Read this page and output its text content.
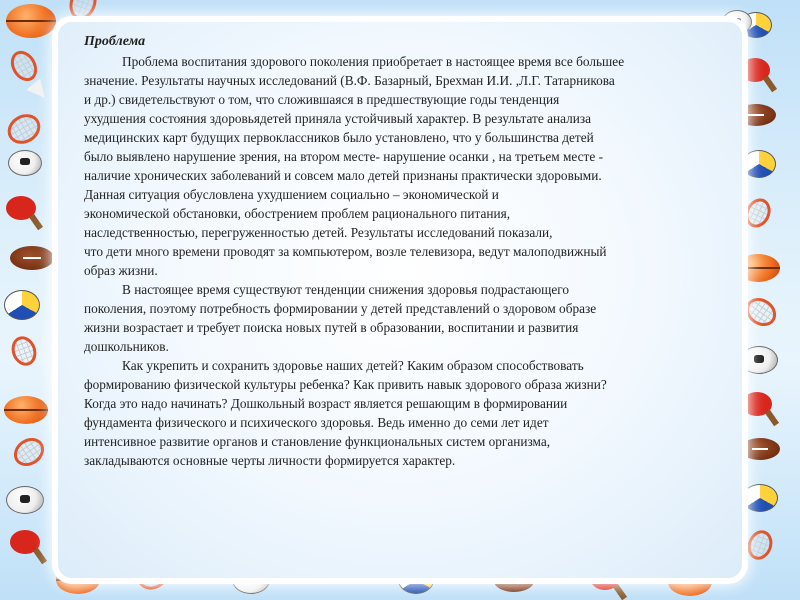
Проблема

Проблема воспитания здорового поколения приобретает в настоящее время все большее
значение. Результаты научных исследований (В.Ф. Базарный, Брехман И.И. ,Л.Г. Татарникова
и др.) свидетельствуют о том, что сложившаяся в предшествующие годы тенденция
ухудшения состояния здоровьядетей приняла устойчивый характер. В результате анализа
медицинских карт будущих первоклассников было установлено, что у большинства детей
было выявлено нарушение зрения, на втором месте- нарушение осанки , на третьем месте -
наличие хронических заболеваний и совсем мало детей признаны практически здоровыми.

Данная ситуация обусловлена ухудшением социально – экономической и
экономической обстановки, обострением проблем рационального питания,
наследственностью, перегруженностью детей. Результаты исследований показали,
что дети много времени проводят за компьютером, возле телевизора, ведут малоподвижный
образ жизни.

В настоящее время существуют тенденции снижения здоровья подрастающего
поколения, поэтому потребность формировании у детей представлений о здоровом образе
жизни возрастает и требует поиска новых путей в образовании, воспитании и развития
дошкольников.

Как укрепить и сохранить здоровье наших детей? Каким образом способствовать
формированию физической культуры ребенка? Как привить навык здорового образа жизни?
Когда это надо начинать? Дошкольный возраст является решающим в формировании
фундамента физического и психического здоровья. Ведь именно до семи лет идет
интенсивное развитие органов и становление функциональных систем организма,
закладываются основные черты личности формируется характер.
